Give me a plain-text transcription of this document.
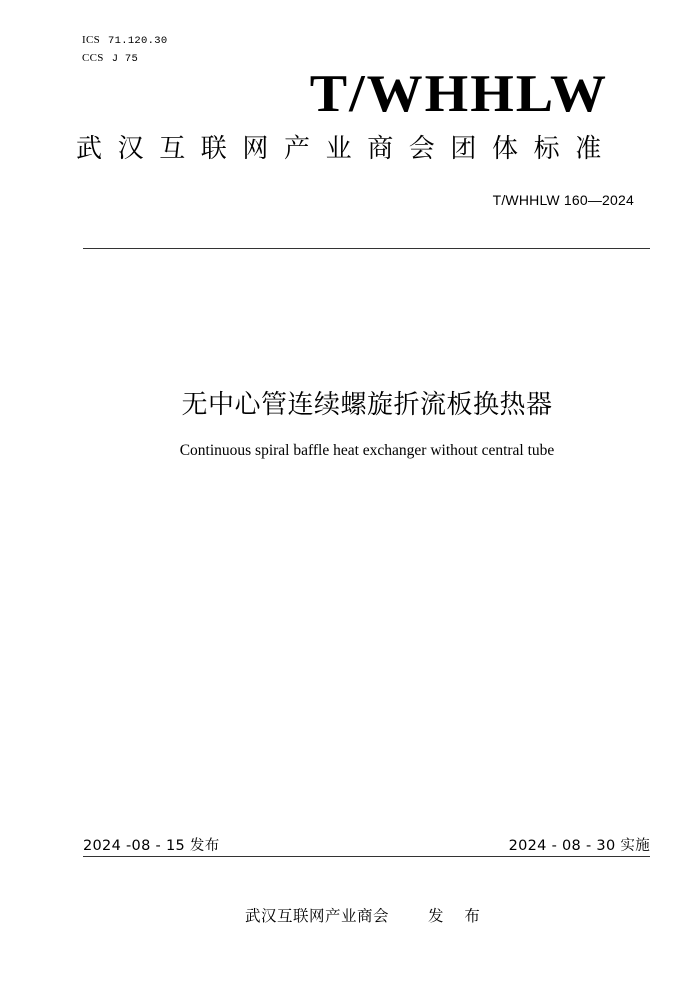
ICS 71.120.30
CCS J 75
T/WHHLW
武汉互联网产业商会团体标准
T/WHHLW 160—2024
无中心管连续螺旋折流板换热器
Continuous spiral baffle heat exchanger without central tube
2024 -08 - 15 发布	2024 - 08 - 30 实施
武汉互联网产业商会	发 布
